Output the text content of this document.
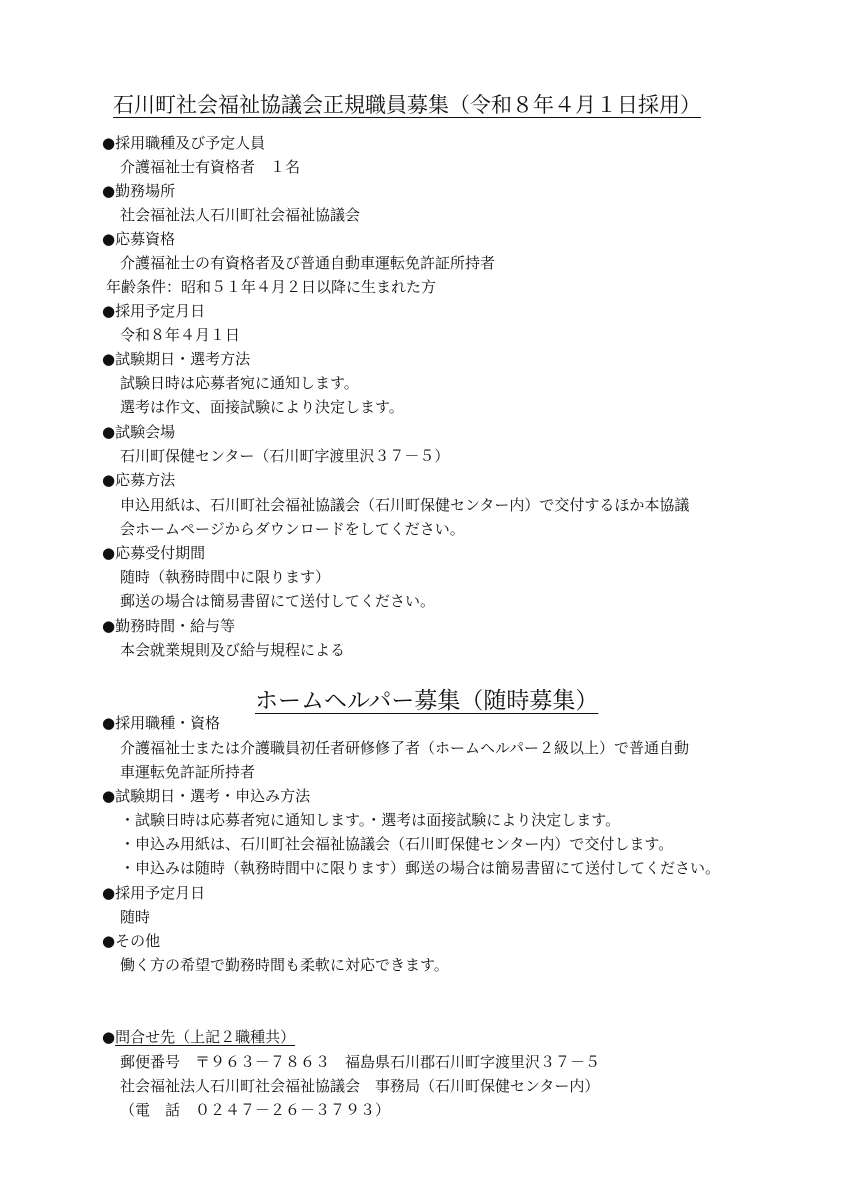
石川町社会福祉協議会正規職員募集（令和８年４月１日採用）
●採用職種及び予定人員
介護福祉士有資格者　１名
●勤務場所
社会福祉法人石川町社会福祉協議会
●応募資格
介護福祉士の有資格者及び普通自動車運転免許証所持者
年齢条件：昭和５１年４月２日以降に生まれた方
●採用予定月日
令和８年４月１日
●試験期日・選考方法
試験日時は応募者宛に通知します。
選考は作文、面接試験により決定します。
●試験会場
石川町保健センター（石川町字渡里沢３７－５）
●応募方法
申込用紙は、石川町社会福祉協議会（石川町保健センター内）で交付するほか本協議
会ホームページからダウンロードをしてください。
●応募受付期間
随時（執務時間中に限ります）
郵送の場合は簡易書留にて送付してください。
●勤務時間・給与等
本会就業規則及び給与規程による
ホームヘルパー募集（随時募集）
●採用職種・資格
介護福祉士または介護職員初任者研修修了者（ホームヘルパー２級以上）で普通自動
車運転免許証所持者
●試験期日・選考・申込み方法
・試験日時は応募者宛に通知します。・選考は面接試験により決定します。
・申込み用紙は、石川町社会福祉協議会（石川町保健センター内）で交付します。
・申込みは随時（執務時間中に限ります）郵送の場合は簡易書留にて送付してください。
●採用予定月日
随時
●その他
働く方の希望で勤務時間も柔軟に対応できます。
●問合せ先（上記２職種共）
郵便番号　〒９６３－７８６３　福島県石川郡石川町字渡里沢３７－５
社会福祉法人石川町社会福祉協議会　事務局（石川町保健センター内）
（電　話　０２４７－２６－３７９３）
